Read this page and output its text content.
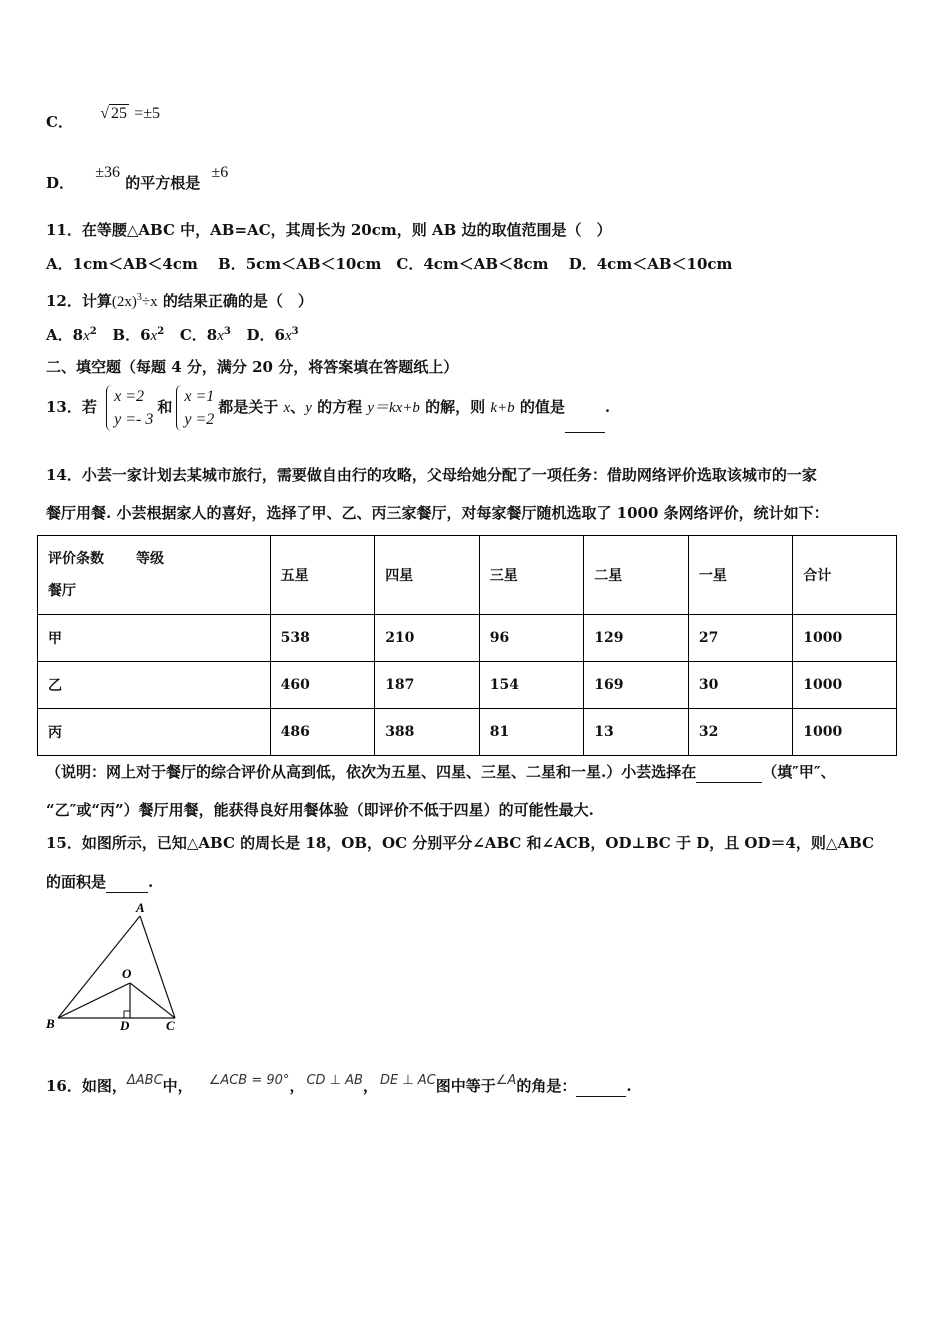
C． √ 25 =±5
D． ±36 的平方根是 ±6
11．在等腰△ABC 中，AB=AC，其周长为 20cm，则 AB 边的取值范围是（　）
A．1cm＜AB＜4cm　 B．5cm＜AB＜10cm　C．4cm＜AB＜8cm　 D．4cm＜AB＜10cm
12．计算$(2x)^3\div x$ 的结果正确的是（　）
A．$8x^2$ B．$6x^2$ C．$8x^3$ D．$6x^3$
二、填空题（每题 4 分，满分 20 分，将答案填在答题纸上）
13．若
x =2
y =- 3
和
x =1
y =2
都是关于 x、y 的方程 y＝kx+b 的解，则 k+b 的值是	.
14．小芸一家计划去某城市旅行，需要做自由行的攻略，父母给她分配了一项任务：借助网络评价选取该城市的一家
餐厅用餐. 小芸根据家人的喜好，选择了甲、乙、丙三家餐厅，对每家餐厅随机选取了 1000 条网络评价，统计如下：
评价条数 等级
餐厅	五星	四星	三星	二星	一星	合计
甲	538	210	96	129	27	1000
乙	460	187	154	169	30	1000
丙	486	388	81	13	32	1000
（说明：网上对于餐厅的综合评价从高到低，依次为五星、四星、三星、二星和一星.）小芸选择在	（填″甲″、
“乙″或“丙”）餐厅用餐，能获得良好用餐体验（即评价不低于四星）的可能性最大.
15．如图所示，已知△ABC 的周长是 18，OB，OC 分别平分∠ABC 和∠ACB，OD⊥BC 于 D，且 OD＝4，则△ABC
的面积是	.
A
O
B	D	C
16．如图，ΔABC中， ∠ACB = 90°， CD ⊥ AB， DE ⊥ AC图中等于∠A的角是：	.
